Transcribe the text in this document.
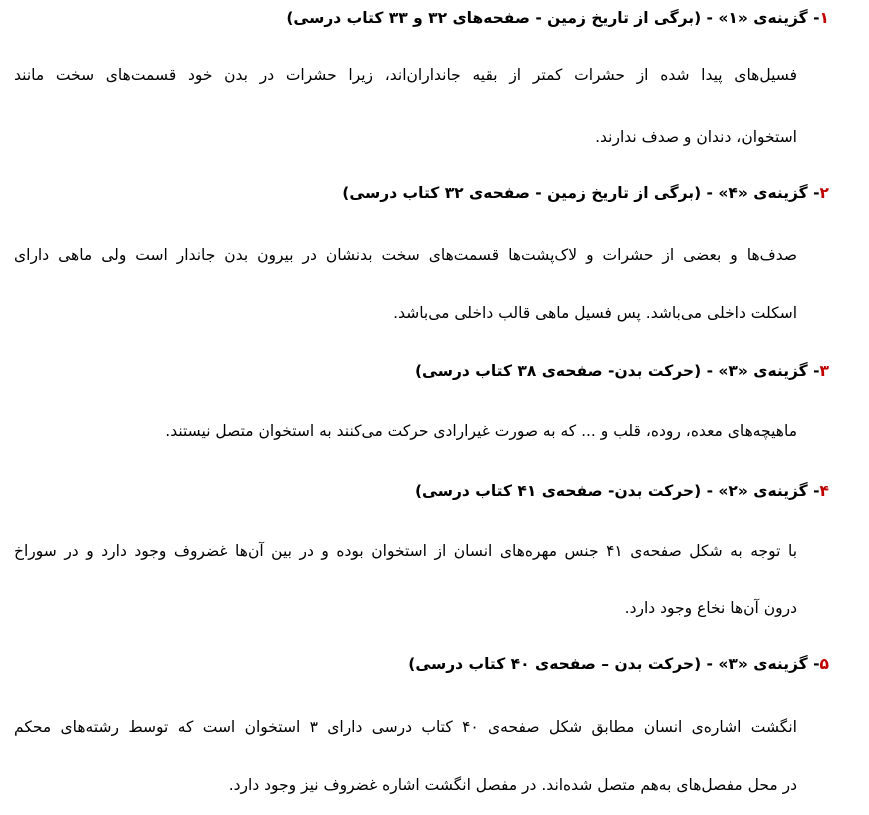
۱- گزینه‌ی «۱» - (برگی از تاریخ زمین - صفحه‌های ۳۲ و ۳۳ کتاب درسی)
فسیل‌های پیدا شده از حشرات کمتر از بقیه جانداران‌اند، زیرا حشرات در بدن خود قسمت‌های سخت مانند
استخوان، دندان و صدف ندارند.
۲- گزینه‌ی «۴» - (برگی از تاریخ زمین - صفحه‌ی ۳۲ کتاب درسی)
صدف‌ها و بعضی از حشرات و لاک‌پشت‌ها قسمت‌های سخت بدنشان در بیرون بدن جاندار است ولی ماهی دارای
اسکلت داخلی می‌باشد. پس فسیل ماهی قالب داخلی می‌باشد.
۳- گزینه‌ی «۳» - (حرکت بدن- صفحه‌ی ۳۸ کتاب درسی)
ماهیچه‌های معده، روده، قلب و ... که به صورت غیرارادی حرکت می‌کنند به استخوان متصل نیستند.
۴- گزینه‌ی «۲» - (حرکت بدن- صفحه‌ی ۴۱ کتاب درسی)
با توجه به شکل صفحه‌ی ۴۱ جنس مهره‌های انسان از استخوان بوده و در بین آن‌ها غضروف وجود دارد و در سوراخ
درون آن‌ها نخاع وجود دارد.
۵- گزینه‌ی «۳» - (حرکت بدن – صفحه‌ی ۴۰ کتاب درسی)
انگشت اشاره‌ی انسان مطابق شکل صفحه‌ی ۴۰ کتاب درسی دارای ۳ استخوان است که توسط رشته‌های محکم
در محل مفصل‌های به‌هم متصل شده‌اند. در مفصل انگشت اشاره غضروف نیز وجود دارد.
